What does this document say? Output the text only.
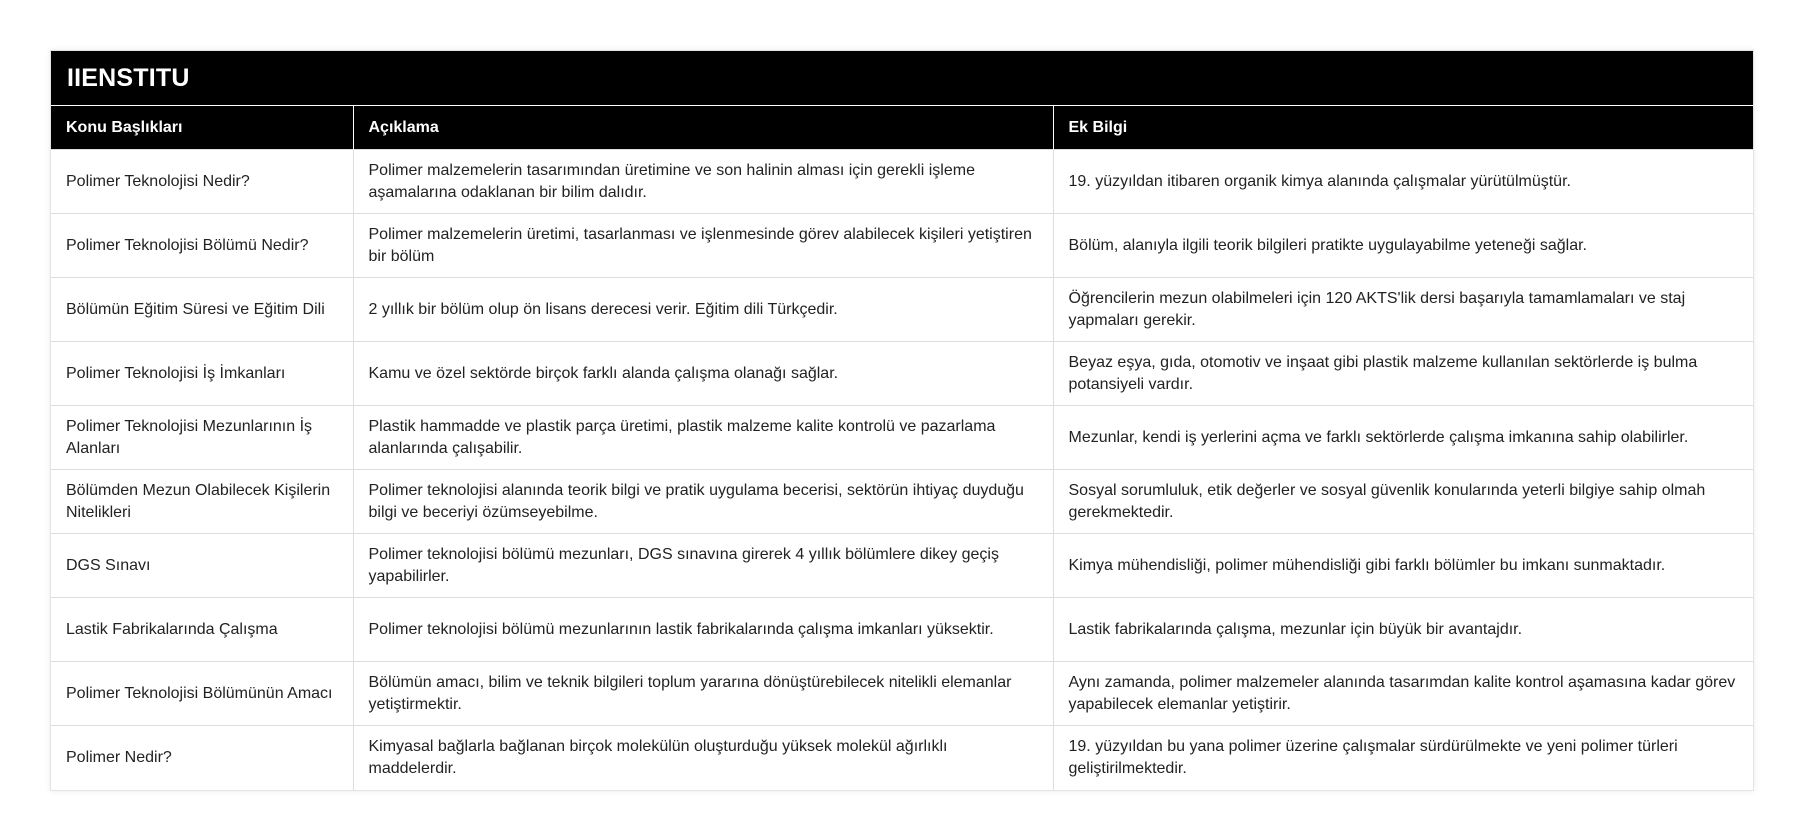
IIENSTITU
Konu Başlıkları	Açıklama	Ek Bilgi
Polimer Teknolojisi Nedir?	Polimer malzemelerin tasarımından üretimine ve son halinin alması için gerekli işleme aşamalarına odaklanan bir bilim dalıdır.	19. yüzyıldan itibaren organik kimya alanında çalışmalar yürütülmüştür.
Polimer Teknolojisi Bölümü Nedir?	Polimer malzemelerin üretimi, tasarlanması ve işlenmesinde görev alabilecek kişileri yetiştiren bir bölüm	Bölüm, alanıyla ilgili teorik bilgileri pratikte uygulayabilme yeteneği sağlar.
Bölümün Eğitim Süresi ve Eğitim Dili	2 yıllık bir bölüm olup ön lisans derecesi verir. Eğitim dili Türkçedir.	Öğrencilerin mezun olabilmeleri için 120 AKTS'lik dersi başarıyla tamamlamaları ve staj yapmaları gerekir.
Polimer Teknolojisi İş İmkanları	Kamu ve özel sektörde birçok farklı alanda çalışma olanağı sağlar.	Beyaz eşya, gıda, otomotiv ve inşaat gibi plastik malzeme kullanılan sektörlerde iş bulma potansiyeli vardır.
Polimer Teknolojisi Mezunlarının İş Alanları	Plastik hammadde ve plastik parça üretimi, plastik malzeme kalite kontrolü ve pazarlama alanlarında çalışabilir.	Mezunlar, kendi iş yerlerini açma ve farklı sektörlerde çalışma imkanına sahip olabilirler.
Bölümden Mezun Olabilecek Kişilerin Nitelikleri	Polimer teknolojisi alanında teorik bilgi ve pratik uygulama becerisi, sektörün ihtiyaç duyduğu bilgi ve beceriyi özümseyebilme.	Sosyal sorumluluk, etik değerler ve sosyal güvenlik konularında yeterli bilgiye sahip olmah gerekmektedir.
DGS Sınavı	Polimer teknolojisi bölümü mezunları, DGS sınavına girerek 4 yıllık bölümlere dikey geçiş yapabilirler.	Kimya mühendisliği, polimer mühendisliği gibi farklı bölümler bu imkanı sunmaktadır.
Lastik Fabrikalarında Çalışma	Polimer teknolojisi bölümü mezunlarının lastik fabrikalarında çalışma imkanları yüksektir.	Lastik fabrikalarında çalışma, mezunlar için büyük bir avantajdır.
Polimer Teknolojisi Bölümünün Amacı	Bölümün amacı, bilim ve teknik bilgileri toplum yararına dönüştürebilecek nitelikli elemanlar yetiştirmektir.	Aynı zamanda, polimer malzemeler alanında tasarımdan kalite kontrol aşamasına kadar görev yapabilecek elemanlar yetiştirir.
Polimer Nedir?	Kimyasal bağlarla bağlanan birçok molekülün oluşturduğu yüksek molekül ağırlıklı maddelerdir.	19. yüzyıldan bu yana polimer üzerine çalışmalar sürdürülmekte ve yeni polimer türleri geliştirilmektedir.
